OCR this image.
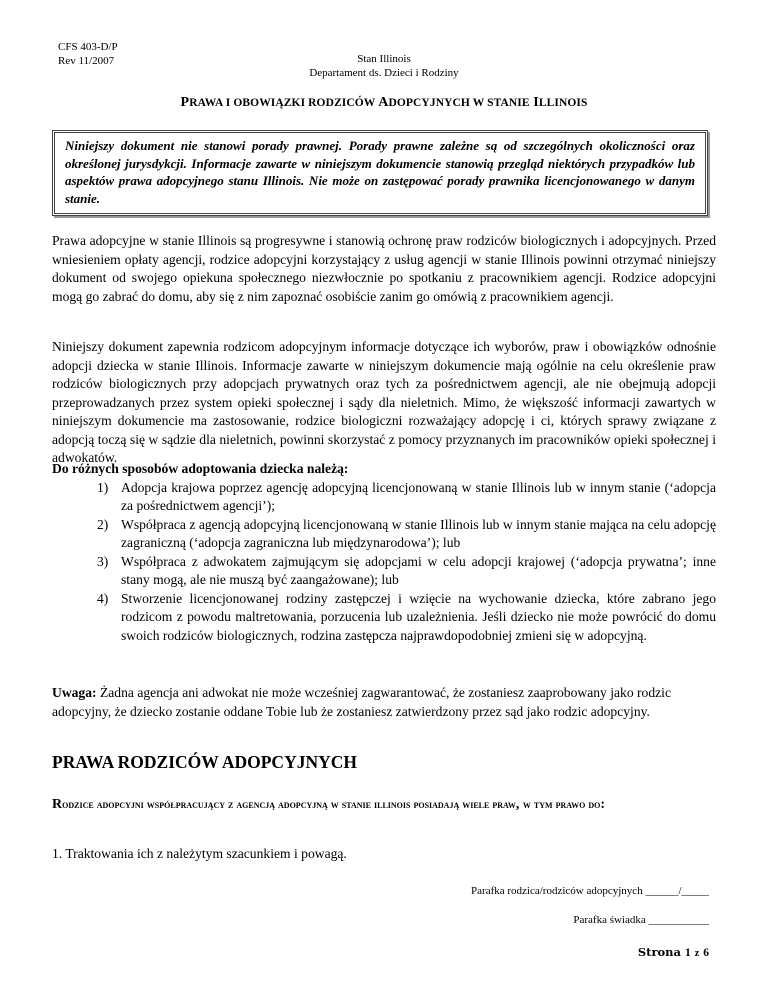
CFS 403-D/P
Rev 11/2007	Stan Illinois
Departament ds. Dzieci i Rodziny
PRAWA I OBOWIĄZKI RODZICÓW ADOPCYJNYCH W STANIE ILLINOIS

Niniejszy dokument nie stanowi porady prawnej. Porady prawne zależne są od szczególnych okoliczności oraz określonej jurysdykcji. Informacje zawarte w niniejszym dokumencie stanowią przegląd niektórych przypadków lub aspektów prawa adopcyjnego stanu Illinois. Nie może on zastępować porady prawnika licencjonowanego w danym stanie.

Prawa adopcyjne w stanie Illinois są progresywne i stanowią ochronę praw rodziców biologicznych i adopcyjnych. Przed wniesieniem opłaty agencji, rodzice adopcyjni korzystający z usług agencji w stanie Illinois powinni otrzymać niniejszy dokument od swojego opiekuna społecznego niezwłocznie po spotkaniu z pracownikiem agencji. Rodzice adopcyjni mogą go zabrać do domu, aby się z nim zapoznać osobiście zanim go omówią z pracownikiem agencji.

Niniejszy dokument zapewnia rodzicom adopcyjnym informacje dotyczące ich wyborów, praw i obowiązków odnośnie adopcji dziecka w stanie Illinois. Informacje zawarte w niniejszym dokumencie mają ogólnie na celu określenie praw rodziców biologicznych przy adopcjach prywatnych oraz tych za pośrednictwem agencji, ale nie obejmują adopcji przeprowadzanych przez system opieki społecznej i sądy dla nieletnich. Mimo, że większość informacji zawartych w niniejszym dokumencie ma zastosowanie, rodzice biologiczni rozważający adopcję i ci, których sprawy związane z adopcją toczą się w sądzie dla nieletnich, powinni skorzystać z pomocy przyznanych im pracowników opieki społecznej i adwokatów.

Do różnych sposobów adoptowania dziecka należą:
1) Adopcja krajowa poprzez agencję adopcyjną licencjonowaną w stanie Illinois lub w innym stanie (‘adopcja za pośrednictwem agencji’);
2) Współpraca z agencją adopcyjną licencjonowaną w stanie Illinois lub w innym stanie mająca na celu adopcję zagraniczną (‘adopcja zagraniczna lub międzynarodowa’); lub
3) Współpraca z adwokatem zajmującym się adopcjami w celu adopcji krajowej (‘adopcja prywatna’; inne stany mogą, ale nie muszą być zaangażowane); lub
4) Stworzenie licencjonowanej rodziny zastępczej i wzięcie na wychowanie dziecka, które zabrano jego rodzicom z powodu maltretowania, porzucenia lub uzależnienia. Jeśli dziecko nie może powrócić do domu swoich rodziców biologicznych, rodzina zastępcza najprawdopodobniej zmieni się w adopcyjną.

Uwaga: Żadna agencja ani adwokat nie może wcześniej zagwarantować, że zostaniesz zaaprobowany jako rodzic adopcyjny, że dziecko zostanie oddane Tobie lub że zostaniesz zatwierdzony przez sąd jako rodzic adopcyjny.

PRAWA RODZICÓW ADOPCYJNYCH

Rodzice adopcyjni współpracujący z agencją adopcyjną w stanie illinois posiadają wiele praw, w tym prawo do:

1. Traktowania ich z należytym szacunkiem i powagą.

Parafka rodzica/rodziców adopcyjnych ______/_____
Parafka świadka ___________
Strona 1 z 6
